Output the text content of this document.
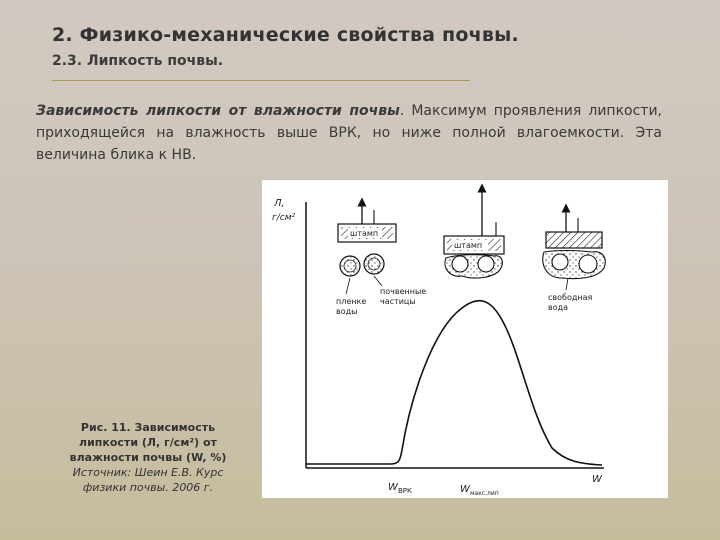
2. Физико-механические свойства почвы.
2.3. Липкость почвы.
Зависимость липкости от влажности почвы. Максимум проявления липкости, приходящейся на влажность выше ВРК, но ниже полной влагоемкости. Эта величина блика к НВ.
Л,
г/см²
W
W ВРК	W макс.лип
штамп
пленке
воды
почвенные
частицы
штамп
свободная
вода
Рис. 11. Зависимость липкости (Л, г/см²) от влажности почвы (W, %)
Источник: Шеин Е.В. Курс физики почвы. 2006 г.
